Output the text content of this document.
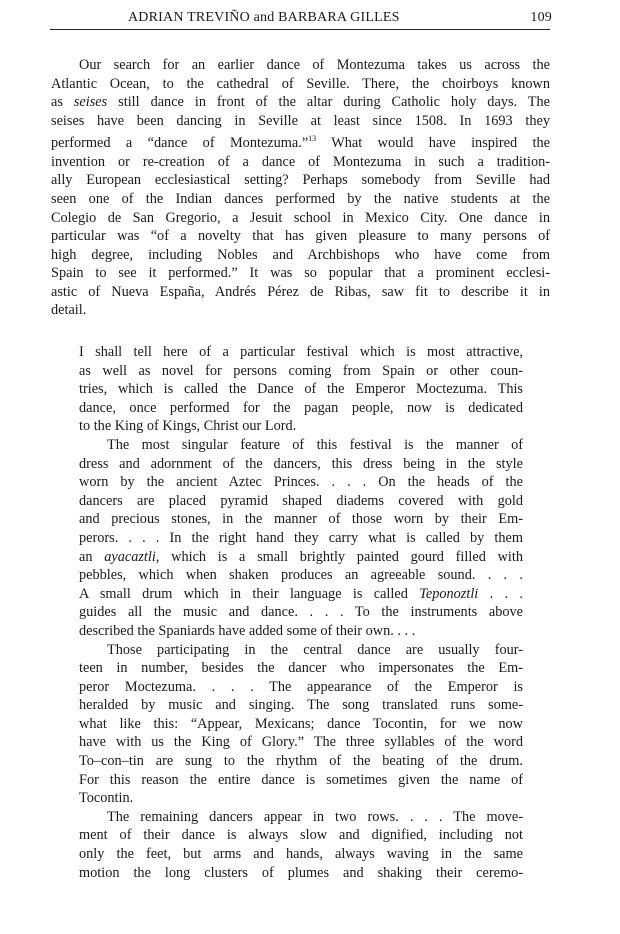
ADRIAN TREVIÑO and BARBARA GILLES	109
Our search for an earlier dance of Montezuma takes us across the
Atlantic Ocean, to the cathedral of Seville. There, the choirboys known
as seises still dance in front of the altar during Catholic holy days. The
seises have been dancing in Seville at least since 1508. In 1693 they
performed a “dance of Montezuma.”$^{13}$ What would have inspired the
invention or re-creation of a dance of Montezuma in such a tradition-
ally European ecclesiastical setting? Perhaps somebody from Seville had
seen one of the Indian dances performed by the native students at the
Colegio de San Gregorio, a Jesuit school in Mexico City. One dance in
particular was “of a novelty that has given pleasure to many persons of
high degree, including Nobles and Archbishops who have come from
Spain to see it performed.” It was so popular that a prominent ecclesi-
astic of Nueva España, Andrés Pérez de Ribas, saw fit to describe it in
detail.
I shall tell here of a particular festival which is most attractive,
as well as novel for persons coming from Spain or other coun-
tries, which is called the Dance of the Emperor Moctezuma. This
dance, once performed for the pagan people, now is dedicated
to the King of Kings, Christ our Lord.
The most singular feature of this festival is the manner of
dress and adornment of the dancers, this dress being in the style
worn by the ancient Aztec Princes. . . . On the heads of the
dancers are placed pyramid shaped diadems covered with gold
and precious stones, in the manner of those worn by their Em-
perors. . . . In the right hand they carry what is called by them
an ayacaztli, which is a small brightly painted gourd filled with
pebbles, which when shaken produces an agreeable sound. . . .
A small drum which in their language is called Teponoztli . . .
guides all the music and dance. . . . To the instruments above
described the Spaniards have added some of their own. . . .
Those participating in the central dance are usually four-
teen in number, besides the dancer who impersonates the Em-
peror Moctezuma. . . . The appearance of the Emperor is
heralded by music and singing. The song translated runs some-
what like this: “Appear, Mexicans; dance Tocontin, for we now
have with us the King of Glory.” The three syllables of the word
To–con–tin are sung to the rhythm of the beating of the drum.
For this reason the entire dance is sometimes given the name of
Tocontin.
The remaining dancers appear in two rows. . . . The move-
ment of their dance is always slow and dignified, including not
only the feet, but arms and hands, always waving in the same
motion the long clusters of plumes and shaking their ceremo-
